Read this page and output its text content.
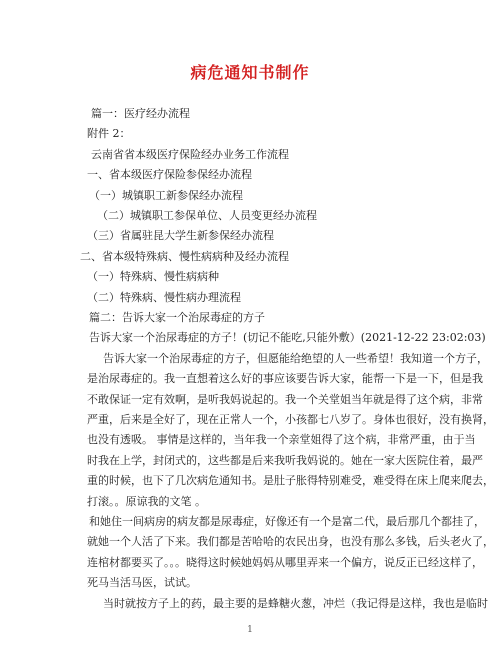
病危通知书制作
篇一：医疗经办流程
附件 2：
云南省省本级医疗保险经办业务工作流程
一、省本级医疗保险参保经办流程
（一）城镇职工新参保经办流程
（二）城镇职工参保单位、人员变更经办流程
（三）省属驻昆大学生新参保经办流程
二、省本级特殊病、慢性病病种及经办流程
（一）特殊病、慢性病病种
（二）特殊病、慢性病办理流程
篇二：告诉大家一个治尿毒症的方子
告诉大家一个治尿毒症的方子！(切记不能吃,只能外敷）(2021-12-22 23:02:03)
告诉大家一个治尿毒症的方子，但愿能给绝望的人一些希望！我知道一个方子，
是治尿毒症的。我一直想着这么好的事应该要告诉大家，能帮一下是一下，但是我
不敢保证一定有效啊，是听我妈说起的。我一个关堂姐当年就是得了这个病，非常
严重，后来是全好了，现在正常人一个，小孩都七八岁了。身体也很好，没有换肾，
也没有透吸。 事情是这样的，当年我一个亲堂姐得了这个病，非常严重，由于当
时我在上学，封闭式的，这些都是后来我听我妈说的。她在一家大医院住着，最严
重的时候，也下了几次病危通知书。是肚子胀得特别难受，难受得在床上爬来爬去，
打滚。。原谅我的文笔 。
和她住一间病房的病友都是尿毒症，好像还有一个是富二代，最后那几个都挂了，
就她一个人活了下来。我们都是苦哈哈的农民出身，也没有那么多钱，后头老火了，
连棺材都要买了。。。晓得这时候她妈妈从哪里弄来一个偏方，说反正已经这样了，
死马当活马医，试试。
当时就按方子上的药，最主要的是蜂糖火葱，冲烂（我记得是这样，我也是临时
1
